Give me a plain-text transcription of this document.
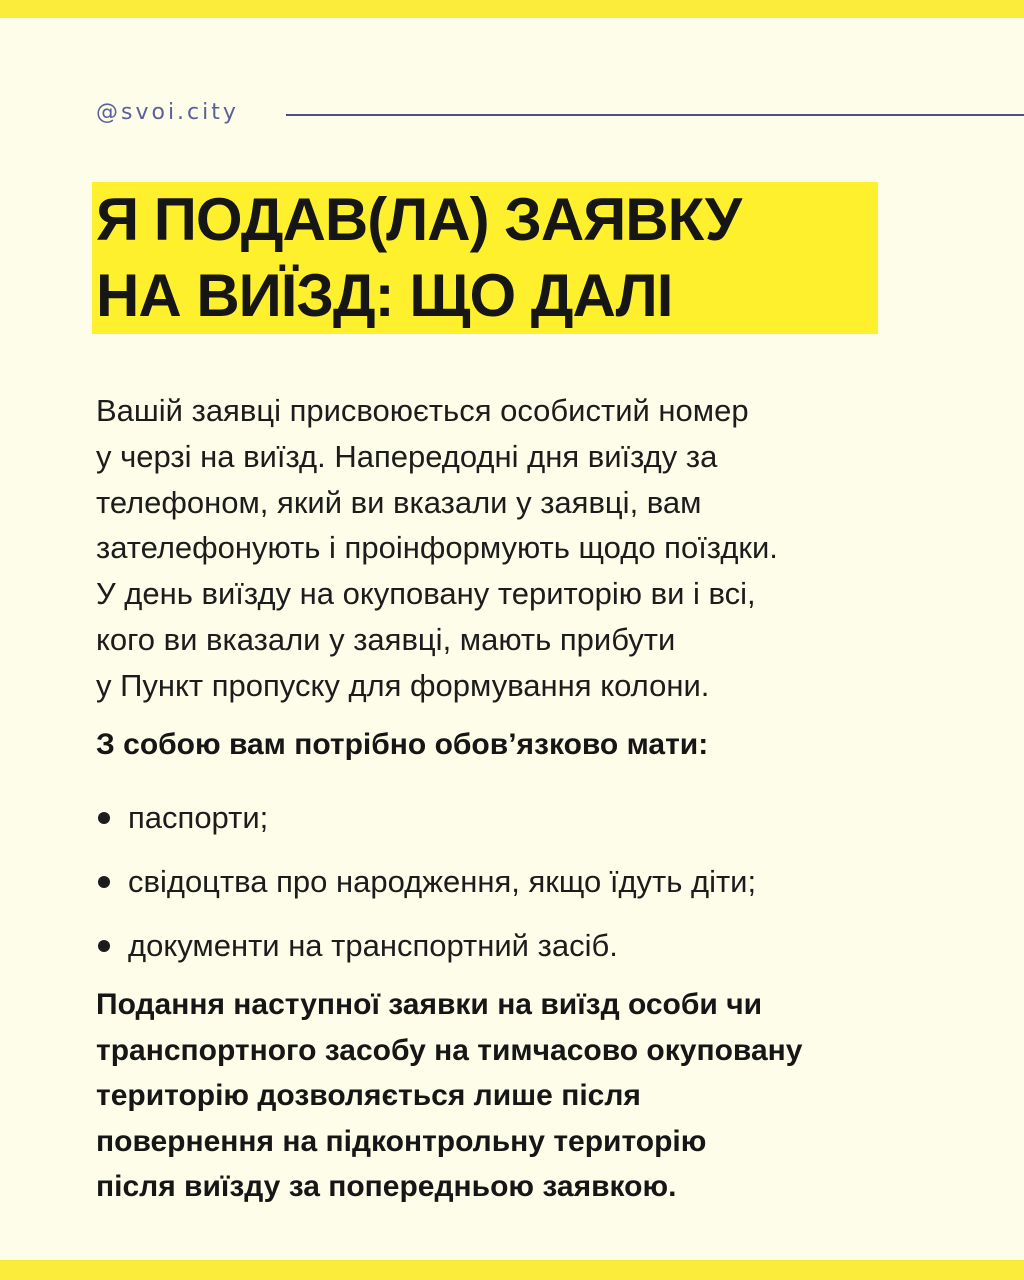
@svoi.city
Я ПОДАВ(ЛА) ЗАЯВКУ
НА ВИЇЗД: ЩО ДАЛІ
Вашій заявці присвоюється особистий номер
у черзі на виїзд. Напередодні дня виїзду за
телефоном, який ви вказали у заявці, вам
зателефонують і проінформують щодо поїздки.
У день виїзду на окуповану територію ви і всі,
кого ви вказали у заявці, мають прибути
у Пункт пропуску для формування колони.
З собою вам потрібно обов’язково мати:
паспорти;
свідоцтва про народження, якщо їдуть діти;
документи на транспортний засіб.
Подання наступної заявки на виїзд особи чи
транспортного засобу на тимчасово окуповану
територію дозволяється лише після
повернення на підконтрольну територію
після виїзду за попередньою заявкою.
